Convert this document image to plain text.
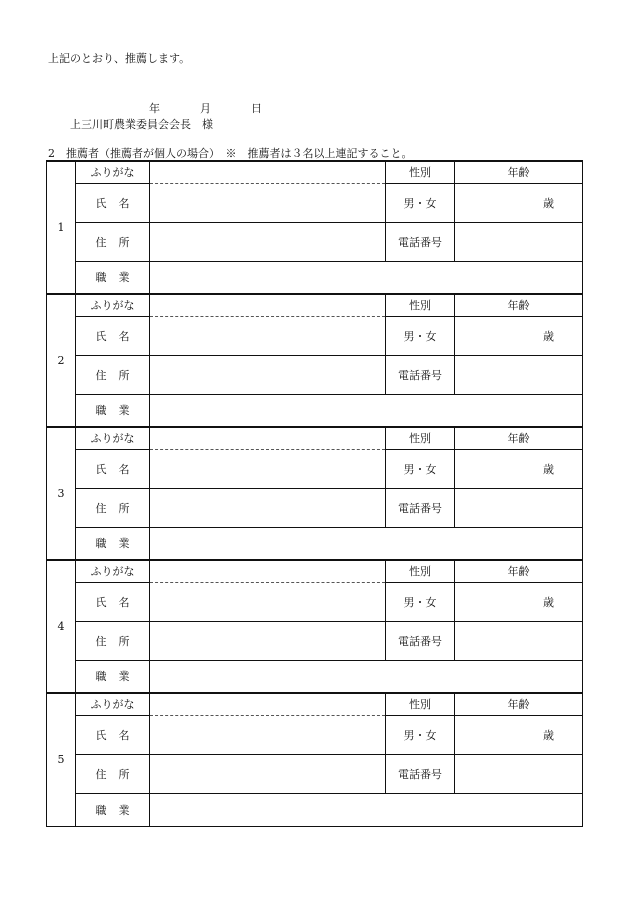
上記のとおり、推薦します。

年	月	日

上三川町農業委員会会長　様
2　推薦者（推薦者が個人の場合）　※　推薦者は３名以上連記すること。
1	ふりがな		性別	年齢
	氏名		男・女	歳
	住所		電話番号	
	職業			
2	ふりがな		性別	年齢
	氏名		男・女	歳
	住所		電話番号	
	職業			
3	ふりがな		性別	年齢
	氏名		男・女	歳
	住所		電話番号	
	職業			
4	ふりがな		性別	年齢
	氏名		男・女	歳
	住所		電話番号	
	職業			
5	ふりがな		性別	年齢
	氏名		男・女	歳
	住所		電話番号	
	職業			
